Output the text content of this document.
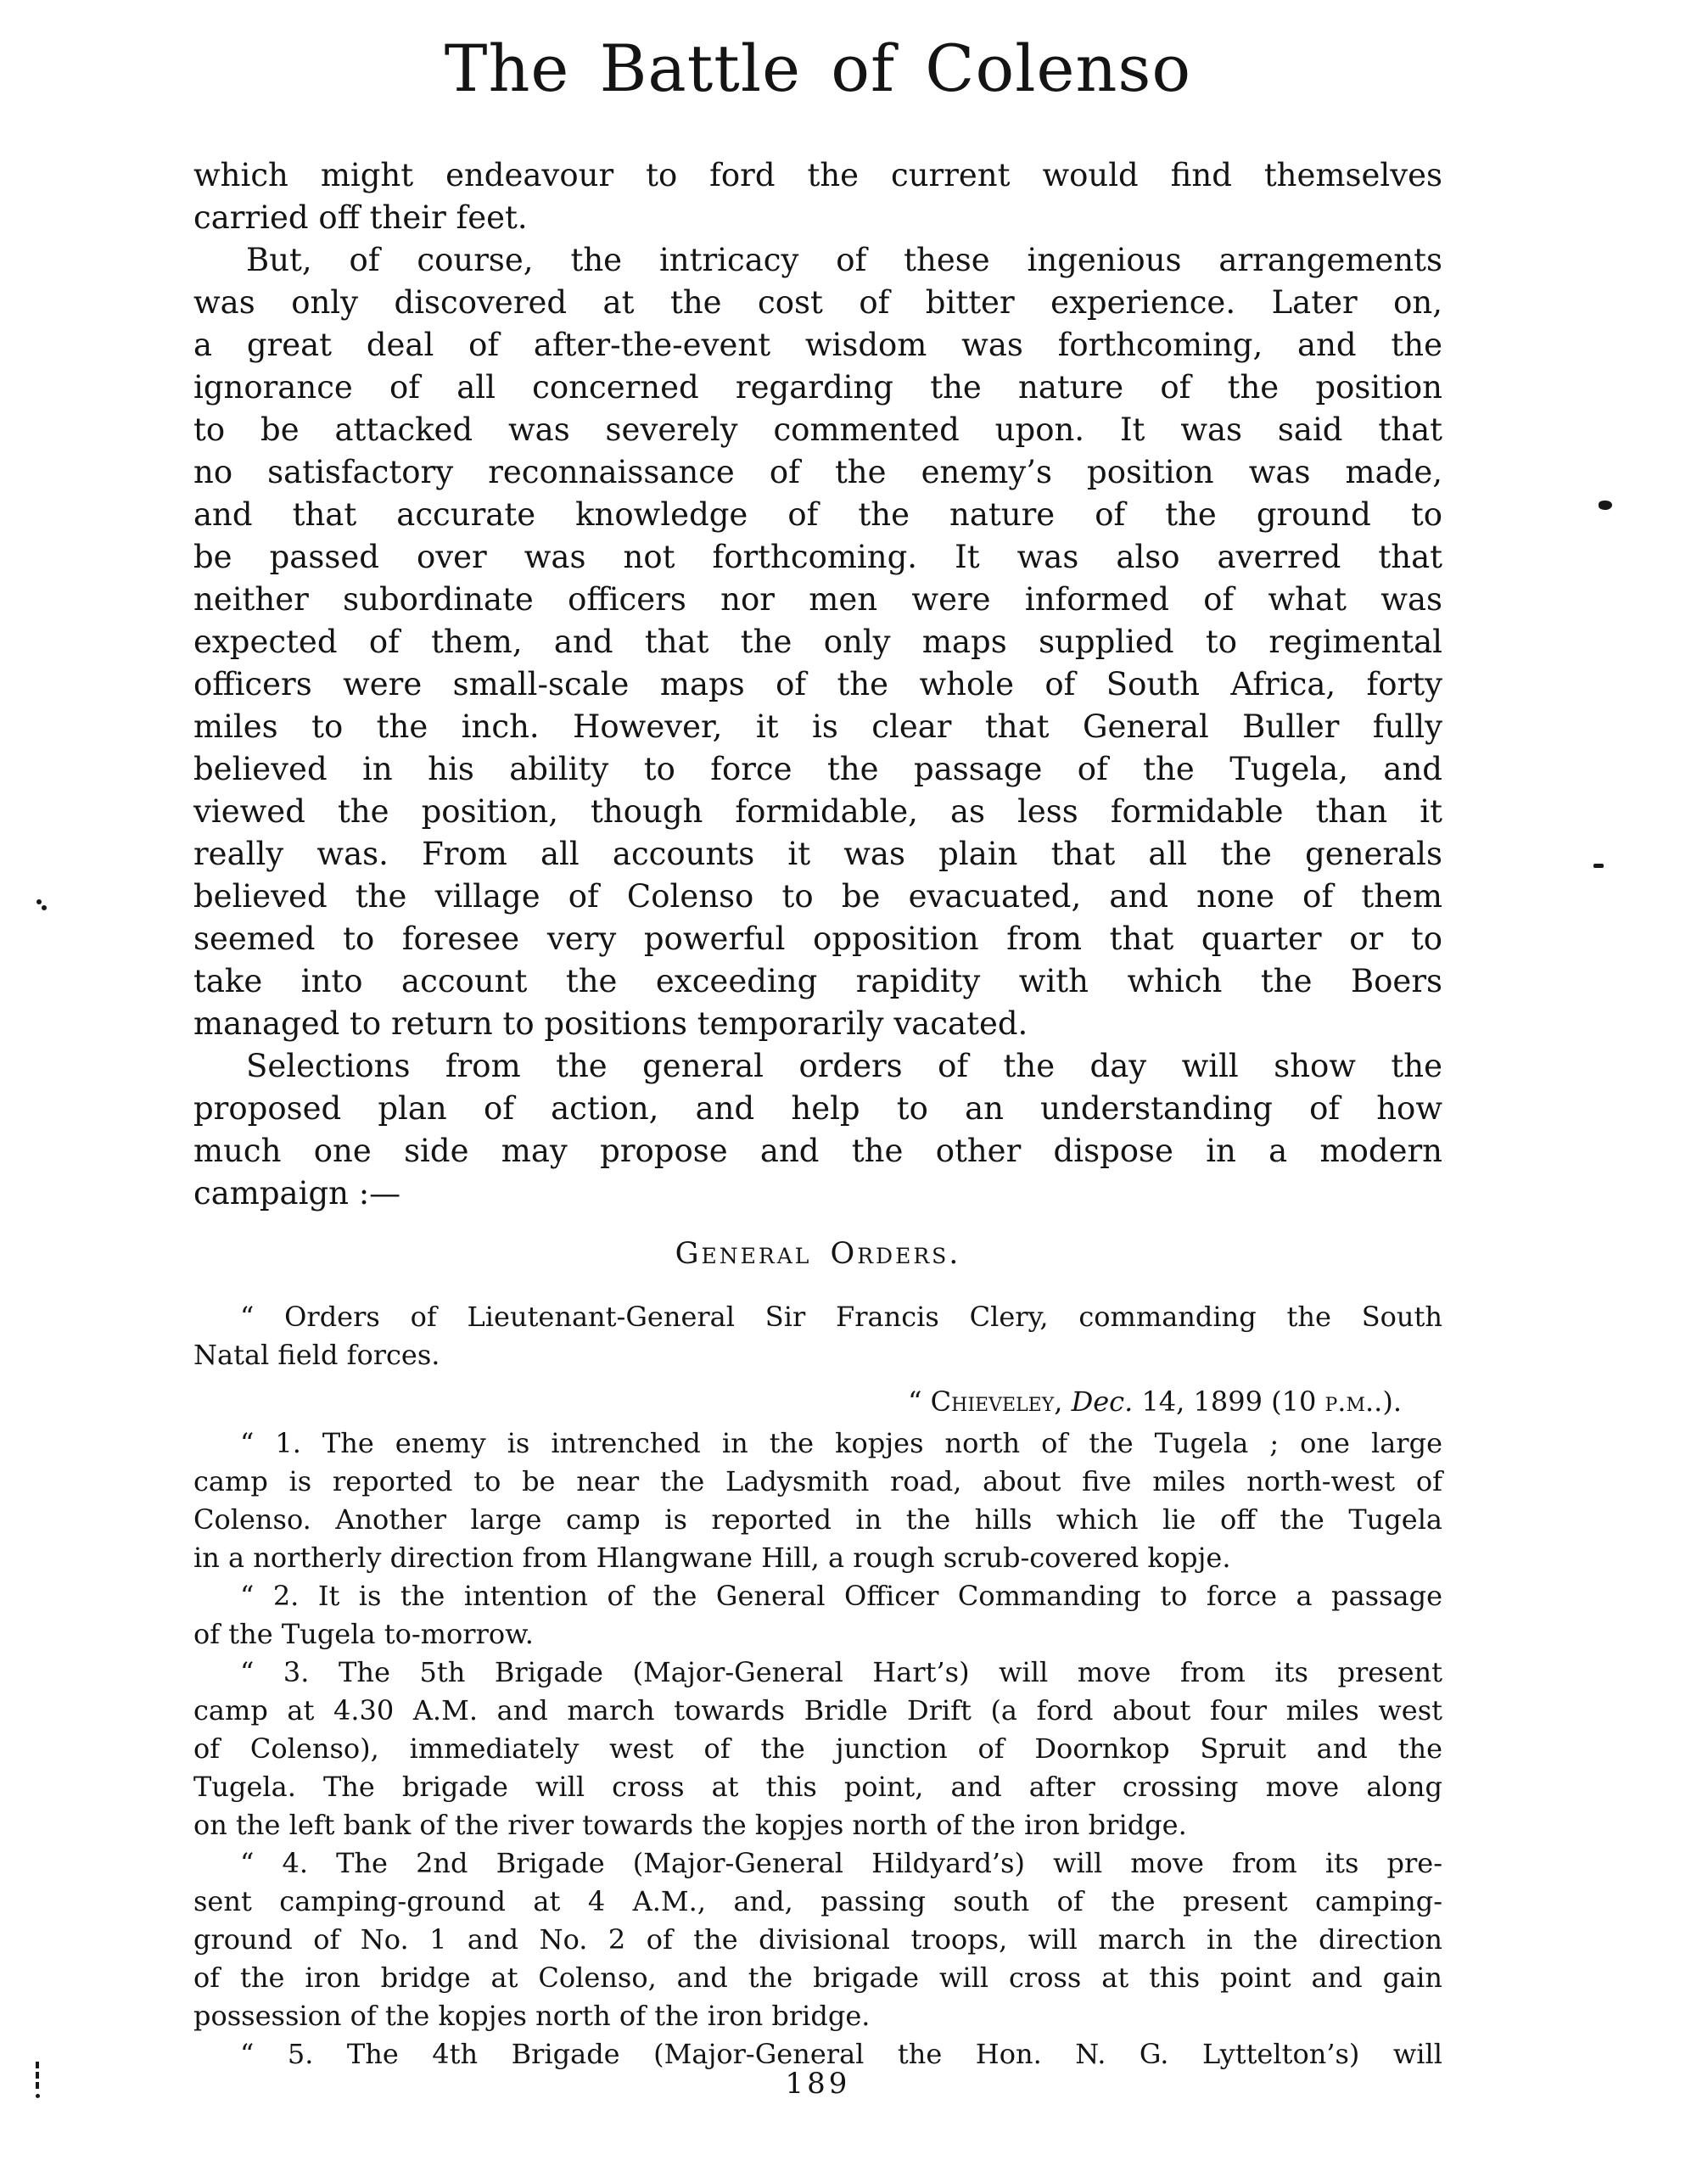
The Battle of Colenso
which might endeavour to ford the current would find themselves
carried off their feet.
But, of course, the intricacy of these ingenious arrangements
was only discovered at the cost of bitter experience. Later on,
a great deal of after-the-event wisdom was forthcoming, and the
ignorance of all concerned regarding the nature of the position
to be attacked was severely commented upon. It was said that
no satisfactory reconnaissance of the enemy’s position was made,
and that accurate knowledge of the nature of the ground to
be passed over was not forthcoming. It was also averred that
neither subordinate officers nor men were informed of what was
expected of them, and that the only maps supplied to regimental
officers were small-scale maps of the whole of South Africa, forty
miles to the inch. However, it is clear that General Buller fully
believed in his ability to force the passage of the Tugela, and
viewed the position, though formidable, as less formidable than it
really was. From all accounts it was plain that all the generals
believed the village of Colenso to be evacuated, and none of them
seemed to foresee very powerful opposition from that quarter or to
take into account the exceeding rapidity with which the Boers
managed to return to positions temporarily vacated.
Selections from the general orders of the day will show the
proposed plan of action, and help to an understanding of how
much one side may propose and the other dispose in a modern
campaign :—
General Orders.
“ Orders of Lieutenant-General Sir Francis Clery, commanding the South
Natal field forces.
“ Chieveley, Dec. 14, 1899 (10 p.m..).
“ 1. The enemy is intrenched in the kopjes north of the Tugela ; one large
camp is reported to be near the Ladysmith road, about five miles north-west of
Colenso. Another large camp is reported in the hills which lie off the Tugela
in a northerly direction from Hlangwane Hill, a rough scrub-covered kopje.
“ 2. It is the intention of the General Officer Commanding to force a passage
of the Tugela to-morrow.
“ 3. The 5th Brigade (Major-General Hart’s) will move from its present
camp at 4.30 A.M. and march towards Bridle Drift (a ford about four miles west
of Colenso), immediately west of the junction of Doornkop Spruit and the
Tugela. The brigade will cross at this point, and after crossing move along
on the left bank of the river towards the kopjes north of the iron bridge.
“ 4. The 2nd Brigade (Major-General Hildyard’s) will move from its pre-
sent camping-ground at 4 A.M., and, passing south of the present camping-
ground of No. 1 and No. 2 of the divisional troops, will march in the direction
of the iron bridge at Colenso, and the brigade will cross at this point and gain
possession of the kopjes north of the iron bridge.
“ 5. The 4th Brigade (Major-General the Hon. N. G. Lyttelton’s) will
189
